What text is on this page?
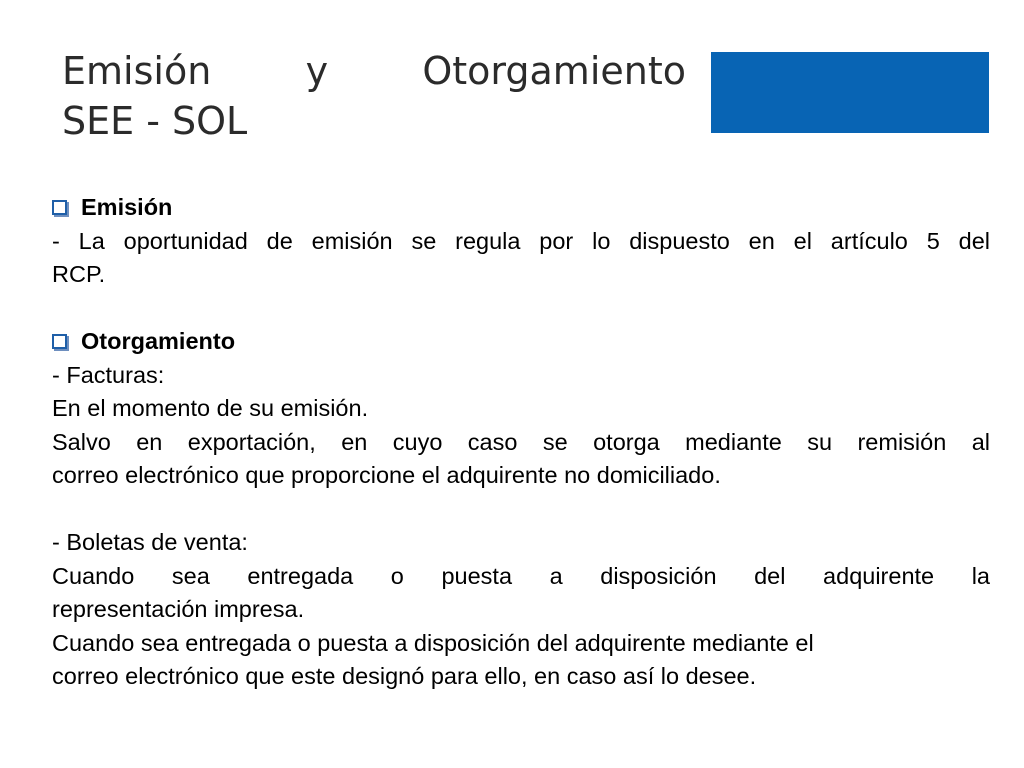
Emisión y Otorgamiento
SEE - SOL
Emisión
- La oportunidad de emisión se regula por lo dispuesto en el artículo 5 del
RCP.
Otorgamiento
- Facturas:
En el momento de su emisión.
Salvo en exportación, en cuyo caso se otorga mediante su remisión al
correo electrónico que proporcione el adquirente no domiciliado.
- Boletas de venta:
Cuando sea entregada o puesta a disposición del adquirente la
representación impresa.
Cuando sea entregada o puesta a disposición del adquirente mediante el
correo electrónico que este designó para ello, en caso así lo desee.
